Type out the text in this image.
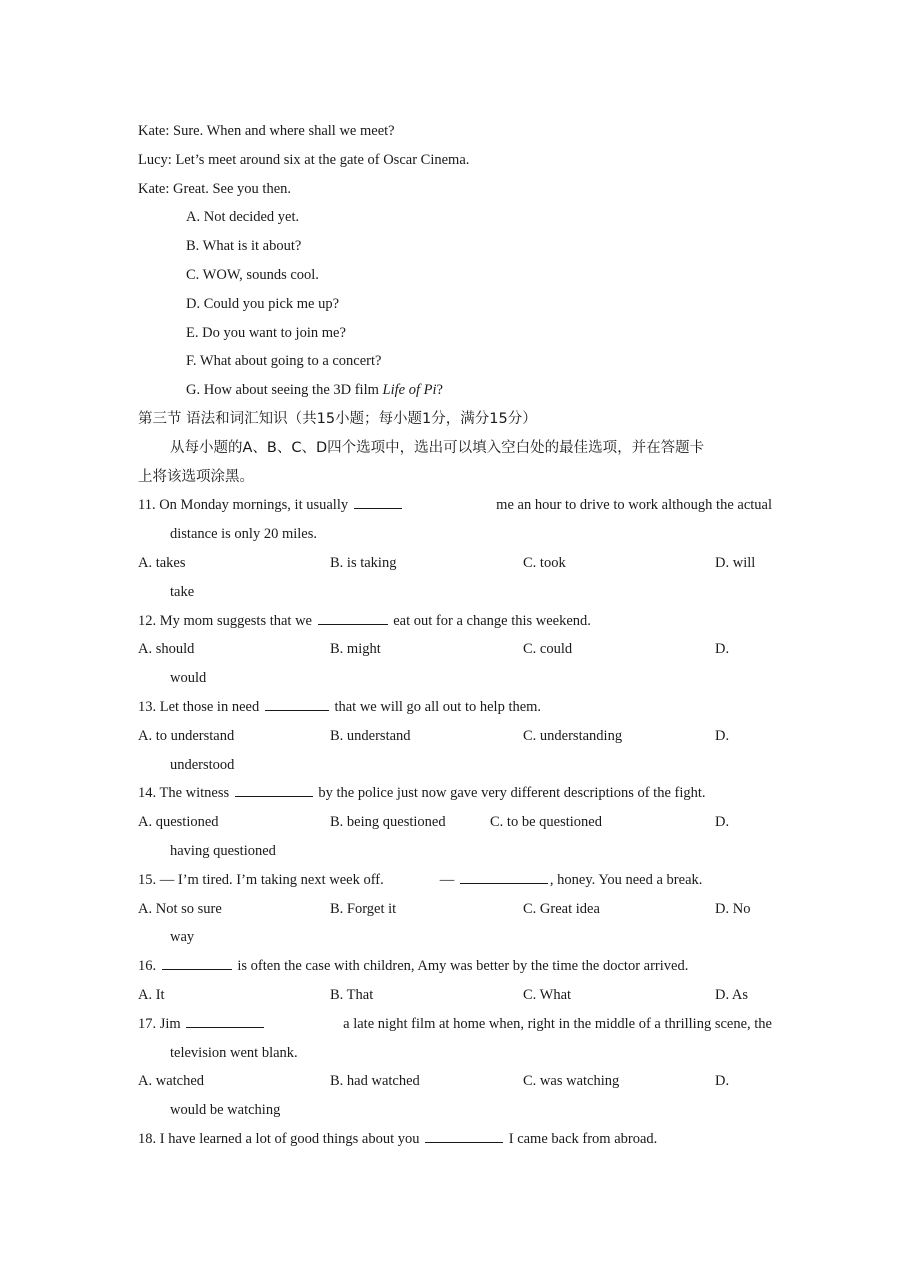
Kate: Sure. When and where shall we meet?
Lucy: Let’s meet around six at the gate of Oscar Cinema.
Kate: Great. See you then.
A. Not decided yet.
B. What is it about?
C. WOW, sounds cool.
D. Could you pick me up?
E. Do you want to join me?
F. What about going to a concert?
G. How about seeing the 3D film Life of Pi?
第三节 语法和词汇知识（共15小题；每小题1分，满分15分）
从每小题的A、B、C、D四个选项中，选出可以填入空白处的最佳选项，并在答题卡
上将该选项涂黑。
11. On Monday mornings, it usually	me an hour to drive to work although the actual
distance is only 20 miles.
A. takes	B. is taking	C. took	D. will
take
12. My mom suggests that we	eat out for a change this weekend.
A. should	B. might	C. could	D.
would
13. Let those in need	that we will go all out to help them.
A. to understand	B. understand	C. understanding	D.
understood
14. The witness	by the police just now gave very different descriptions of the fight.
A. questioned	B. being questioned	C. to be questioned	D.
having questioned
15. — I’m tired. I’m taking next week off.	—	, honey. You need a break.
A. Not so sure	B. Forget it	C. Great idea	D. No
way
16.	is often the case with children, Amy was better by the time the doctor arrived.
A. It	B. That	C. What	D. As
17. Jim	a late night film at home when, right in the middle of a thrilling scene, the
television went blank.
A. watched	B. had watched	C. was watching	D.
would be watching
18. I have learned a lot of good things about you	I came back from abroad.
